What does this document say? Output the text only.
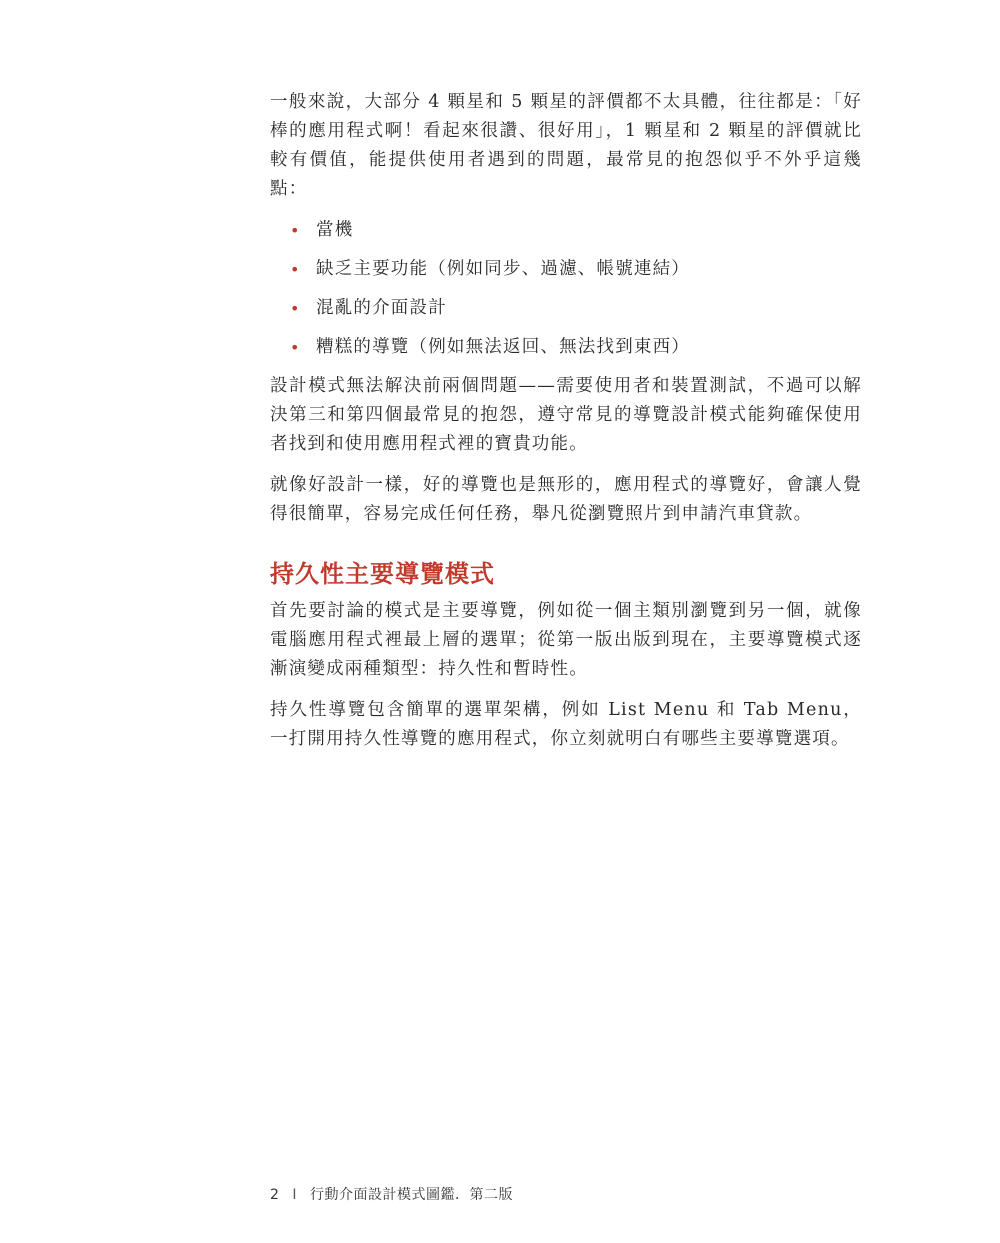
一般來說，大部分 4 顆星和 5 顆星的評價都不太具體，往往都是：「好棒的應用程式啊！看起來很讚、很好用」，1 顆星和 2 顆星的評價就比較有價值，能提供使用者遇到的問題，最常見的抱怨似乎不外乎這幾點：

• 當機
• 缺乏主要功能（例如同步、過濾、帳號連結）
• 混亂的介面設計
• 糟糕的導覽（例如無法返回、無法找到東西）

設計模式無法解決前兩個問題——需要使用者和裝置測試，不過可以解決第三和第四個最常見的抱怨，遵守常見的導覽設計模式能夠確保使用者找到和使用應用程式裡的寶貴功能。

就像好設計一樣，好的導覽也是無形的，應用程式的導覽好，會讓人覺得很簡單，容易完成任何任務，舉凡從瀏覽照片到申請汽車貸款。

持久性主要導覽模式

首先要討論的模式是主要導覽，例如從一個主類別瀏覽到另一個，就像電腦應用程式裡最上層的選單；從第一版出版到現在，主要導覽模式逐漸演變成兩種類型：持久性和暫時性。

持久性導覽包含簡單的選單架構，例如 List Menu 和 Tab Menu，一打開用持久性導覽的應用程式，你立刻就明白有哪些主要導覽選項。

2 I 行動介面設計模式圖鑑．第二版
